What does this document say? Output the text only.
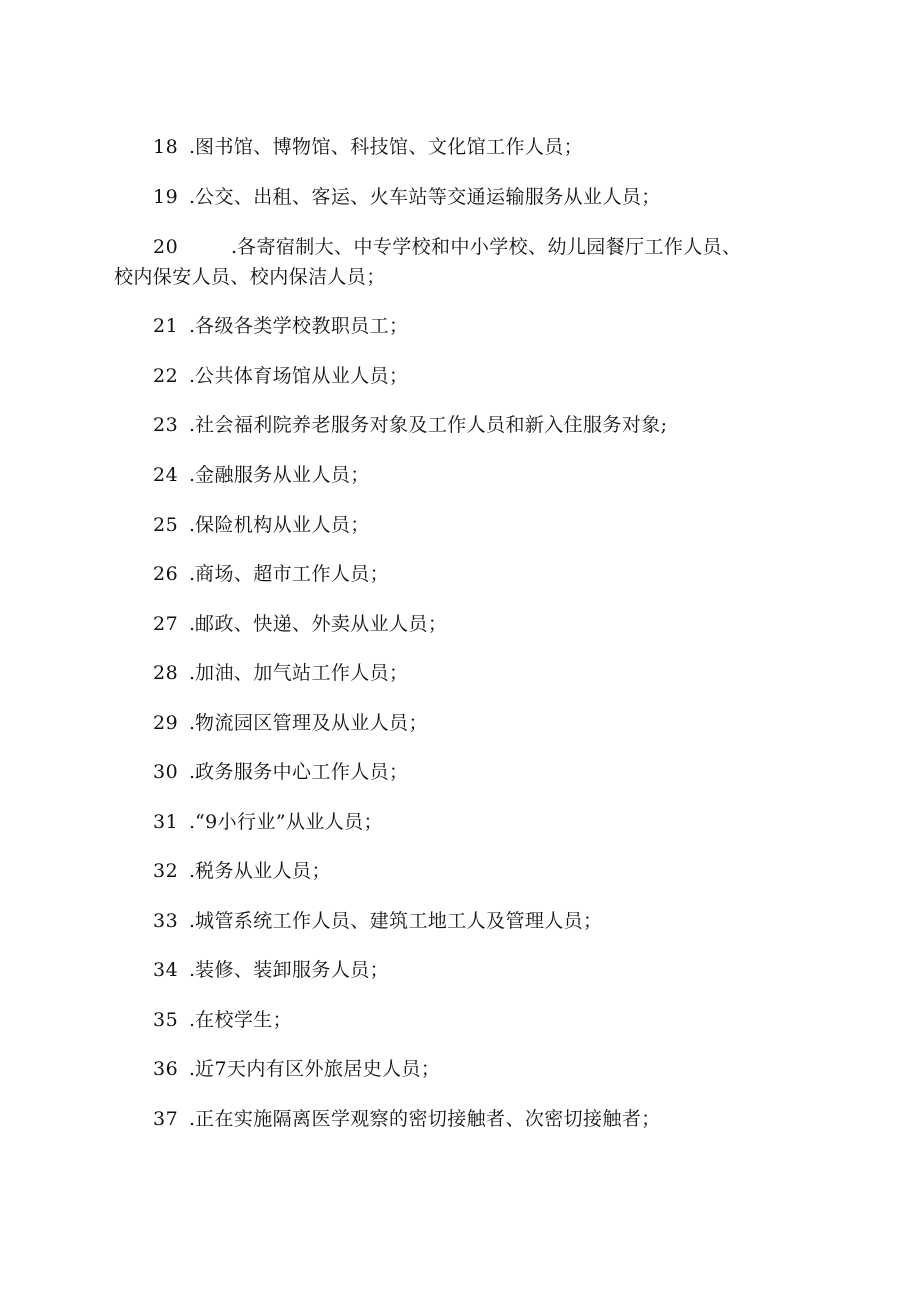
18.图书馆、博物馆、科技馆、文化馆工作人员；
19.公交、出租、客运、火车站等交通运输服务从业人员；
20	.各寄宿制大、中专学校和中小学校、幼儿园餐厅工作人员、
校内保安人员、校内保洁人员；
21.各级各类学校教职员工；
22.公共体育场馆从业人员；
23.社会福利院养老服务对象及工作人员和新入住服务对象;
24.金融服务从业人员；
25.保险机构从业人员；
26.商场、超市工作人员；
27.邮政、快递、外卖从业人员；
28.加油、加气站工作人员；
29.物流园区管理及从业人员；
30.政务服务中心工作人员；
31.“9小行业”从业人员；
32.税务从业人员；
33.城管系统工作人员、建筑工地工人及管理人员；
34.装修、装卸服务人员；
35.在校学生；
36.近7天内有区外旅居史人员；
37.正在实施隔离医学观察的密切接触者、次密切接触者；
